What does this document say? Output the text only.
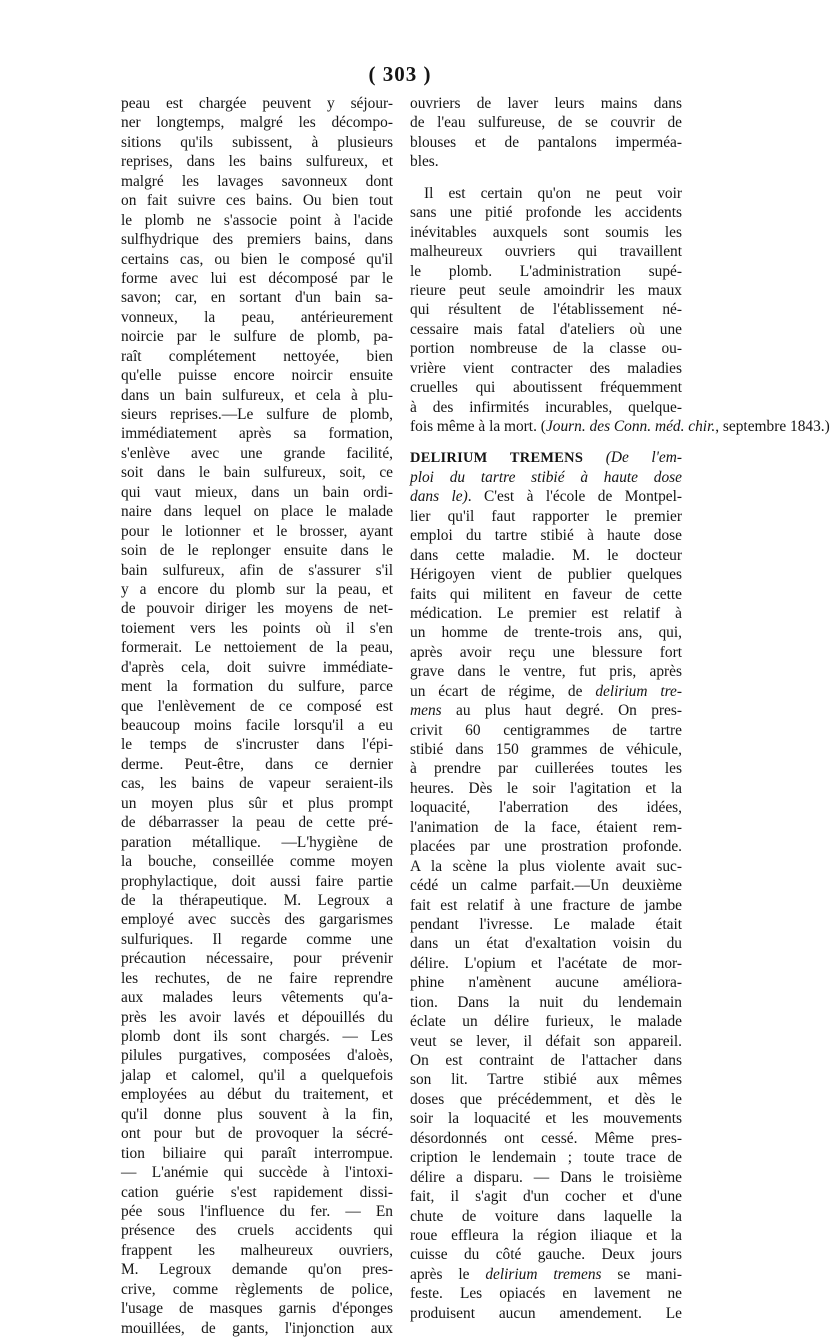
( 303 )
peau est chargée peuvent y séjour-
ner longtemps, malgré les décompo-
sitions qu'ils subissent, à plusieurs
reprises, dans les bains sulfureux, et
malgré les lavages savonneux dont
on fait suivre ces bains. Ou bien tout
le plomb ne s'associe point à l'acide
sulfhydrique des premiers bains, dans
certains cas, ou bien le composé qu'il
forme avec lui est décomposé par le
savon; car, en sortant d'un bain sa-
vonneux, la peau, antérieurement
noircie par le sulfure de plomb, pa-
raît complétement nettoyée, bien
qu'elle puisse encore noircir ensuite
dans un bain sulfureux, et cela à plu-
sieurs reprises.—Le sulfure de plomb,
immédiatement après sa formation,
s'enlève avec une grande facilité,
soit dans le bain sulfureux, soit, ce
qui vaut mieux, dans un bain ordi-
naire dans lequel on place le malade
pour le lotionner et le brosser, ayant
soin de le replonger ensuite dans le
bain sulfureux, afin de s'assurer s'il
y a encore du plomb sur la peau, et
de pouvoir diriger les moyens de net-
toiement vers les points où il s'en
formerait. Le nettoiement de la peau,
d'après cela, doit suivre immédiate-
ment la formation du sulfure, parce
que l'enlèvement de ce composé est
beaucoup moins facile lorsqu'il a eu
le temps de s'incruster dans l'épi-
derme. Peut-être, dans ce dernier
cas, les bains de vapeur seraient-ils
un moyen plus sûr et plus prompt
de débarrasser la peau de cette pré-
paration métallique. —L'hygiène de
la bouche, conseillée comme moyen
prophylactique, doit aussi faire partie
de la thérapeutique. M. Legroux a
employé avec succès des gargarismes
sulfuriques. Il regarde comme une
précaution nécessaire, pour prévenir
les rechutes, de ne faire reprendre
aux malades leurs vêtements qu'a-
près les avoir lavés et dépouillés du
plomb dont ils sont chargés. — Les
pilules purgatives, composées d'aloès,
jalap et calomel, qu'il a quelquefois
employées au début du traitement, et
qu'il donne plus souvent à la fin,
ont pour but de provoquer la sécré-
tion biliaire qui paraît interrompue.
— L'anémie qui succède à l'intoxi-
cation guérie s'est rapidement dissi-
pée sous l'influence du fer. — En
présence des cruels accidents qui
frappent les malheureux ouvriers,
M. Legroux demande qu'on pres-
crive, comme règlements de police,
l'usage de masques garnis d'éponges
mouillées, de gants, l'injonction aux
ouvriers de laver leurs mains dans
de l'eau sulfureuse, de se couvrir de
blouses et de pantalons imperméa-
bles.
Il est certain qu'on ne peut voir
sans une pitié profonde les accidents
inévitables auxquels sont soumis les
malheureux ouvriers qui travaillent
le plomb. L'administration supé-
rieure peut seule amoindrir les maux
qui résultent de l'établissement né-
cessaire mais fatal d'ateliers où une
portion nombreuse de la classe ou-
vrière vient contracter des maladies
cruelles qui aboutissent fréquemment
à des infirmités incurables, quelque-
fois même à la mort. (Journ. des Conn. méd. chir., septembre 1843.)
DELIRIUM TREMENS (De l'em-
ploi du tartre stibié à haute dose
dans le). C'est à l'école de Montpel-
lier qu'il faut rapporter le premier
emploi du tartre stibié à haute dose
dans cette maladie. M. le docteur
Hérigoyen vient de publier quelques
faits qui militent en faveur de cette
médication. Le premier est relatif à
un homme de trente-trois ans, qui,
après avoir reçu une blessure fort
grave dans le ventre, fut pris, après
un écart de régime, de delirium tre-
mens au plus haut degré. On pres-
crivit 60 centigrammes de tartre
stibié dans 150 grammes de véhicule,
à prendre par cuillerées toutes les
heures. Dès le soir l'agitation et la
loquacité, l'aberration des idées,
l'animation de la face, étaient rem-
placées par une prostration profonde.
A la scène la plus violente avait suc-
cédé un calme parfait.—Un deuxième
fait est relatif à une fracture de jambe
pendant l'ivresse. Le malade était
dans un état d'exaltation voisin du
délire. L'opium et l'acétate de mor-
phine n'amènent aucune améliora-
tion. Dans la nuit du lendemain
éclate un délire furieux, le malade
veut se lever, il défait son appareil.
On est contraint de l'attacher dans
son lit. Tartre stibié aux mêmes
doses que précédemment, et dès le
soir la loquacité et les mouvements
désordonnés ont cessé. Même pres-
cription le lendemain ; toute trace de
délire a disparu. — Dans le troisième
fait, il s'agit d'un cocher et d'une
chute de voiture dans laquelle la
roue effleura la région iliaque et la
cuisse du côté gauche. Deux jours
après le delirium tremens se mani-
feste. Les opiacés en lavement ne
produisent aucun amendement. Le
